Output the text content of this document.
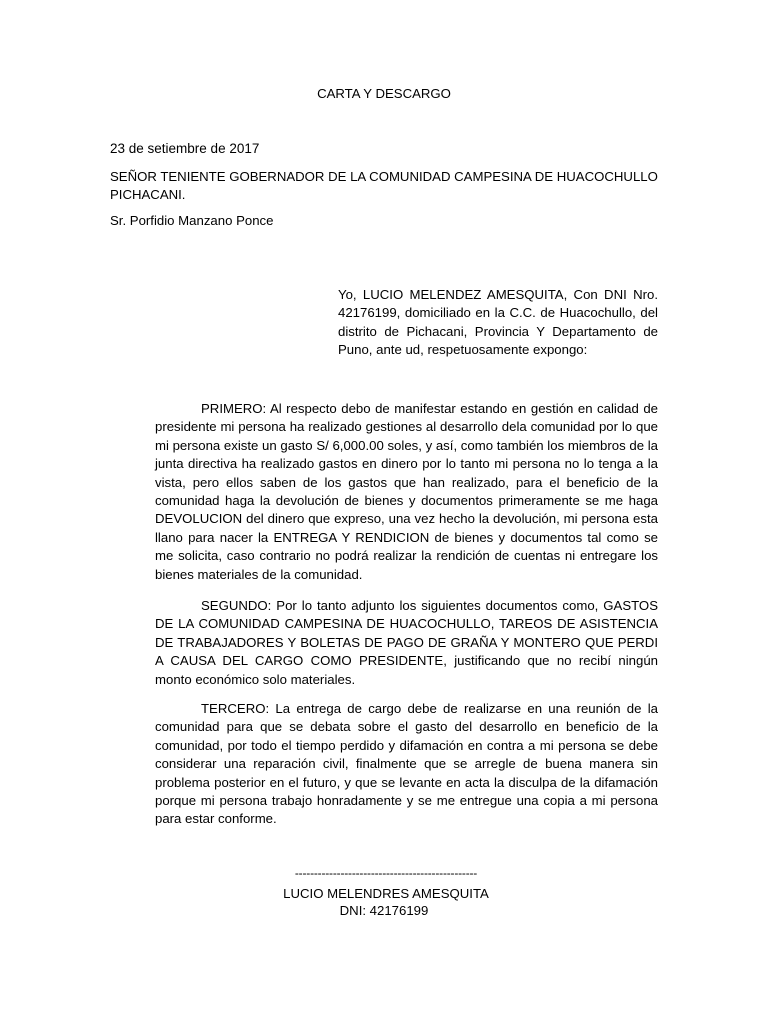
CARTA Y DESCARGO
23 de setiembre de 2017
SEÑOR TENIENTE GOBERNADOR DE LA COMUNIDAD CAMPESINA DE HUACOCHULLO PICHACANI.
Sr. Porfidio Manzano Ponce
Yo, LUCIO MELENDEZ AMESQUITA, Con DNI Nro. 42176199, domiciliado en la C.C. de Huacochullo, del distrito de Pichacani, Provincia Y Departamento de Puno, ante ud, respetuosamente expongo:

PRIMERO: Al respecto debo de manifestar estando en gestión en calidad de presidente mi persona ha realizado gestiones al desarrollo dela comunidad por lo que mi persona existe un gasto S/ 6,000.00 soles, y así, como también los miembros de la junta directiva ha realizado gastos en dinero por lo tanto mi persona no lo tenga a la vista, pero ellos saben de los gastos que han realizado, para el beneficio de la comunidad haga la devolución de bienes y documentos primeramente se me haga DEVOLUCION del dinero que expreso, una vez hecho la devolución, mi persona esta llano para nacer la ENTREGA Y RENDICION de bienes y documentos tal como se me solicita, caso contrario no podrá realizar la rendición de cuentas ni entregare los bienes materiales de la comunidad.

SEGUNDO: Por lo tanto adjunto los siguientes documentos como, GASTOS DE LA COMUNIDAD CAMPESINA DE HUACOCHULLO, TAREOS DE ASISTENCIA DE TRABAJADORES Y BOLETAS DE PAGO DE GRAÑA Y MONTERO QUE PERDI A CAUSA DEL CARGO COMO PRESIDENTE, justificando que no recibí ningún monto económico solo materiales.

TERCERO: La entrega de cargo debe de realizarse en una reunión de la comunidad para que se debata sobre el gasto del desarrollo en beneficio de la comunidad, por todo el tiempo perdido y difamación en contra a mi persona se debe considerar una reparación civil, finalmente que se arregle de buena manera sin problema posterior en el futuro, y que se levante en acta la disculpa de la difamación porque mi persona trabajo honradamente y se me entregue una copia a mi persona para estar conforme.

------------------------------------------------
LUCIO MELENDRES AMESQUITA
DNI: 42176199
